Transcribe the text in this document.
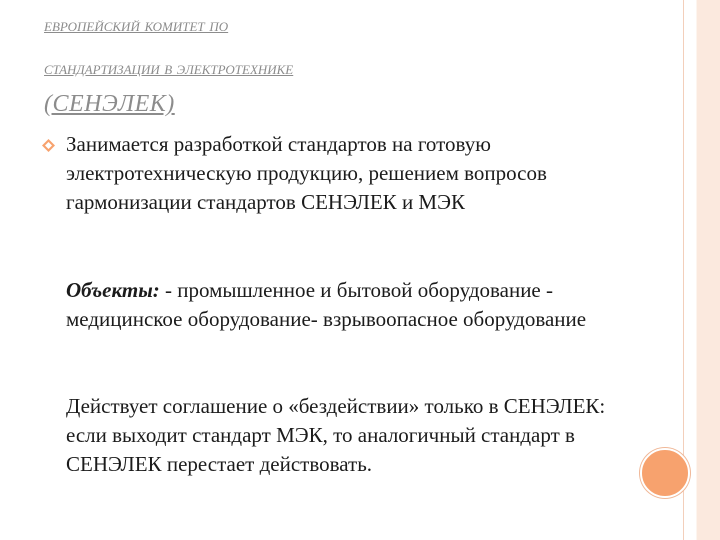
европейский комитет по
стандартизации в электротехнике
(СЕНЭЛЕК)
Занимается разработкой стандартов на готовую электротехническую продукцию, решением вопросов гармонизации стандартов СЕНЭЛЕК и МЭК
Объекты: - промышленное и бытовой оборудование - медицинское оборудование- взрывоопасное оборудование
Действует соглашение о «бездействии» только в СЕНЭЛЕК: если выходит стандарт МЭК, то аналогичный стандарт в СЕНЭЛЕК перестает действовать.
